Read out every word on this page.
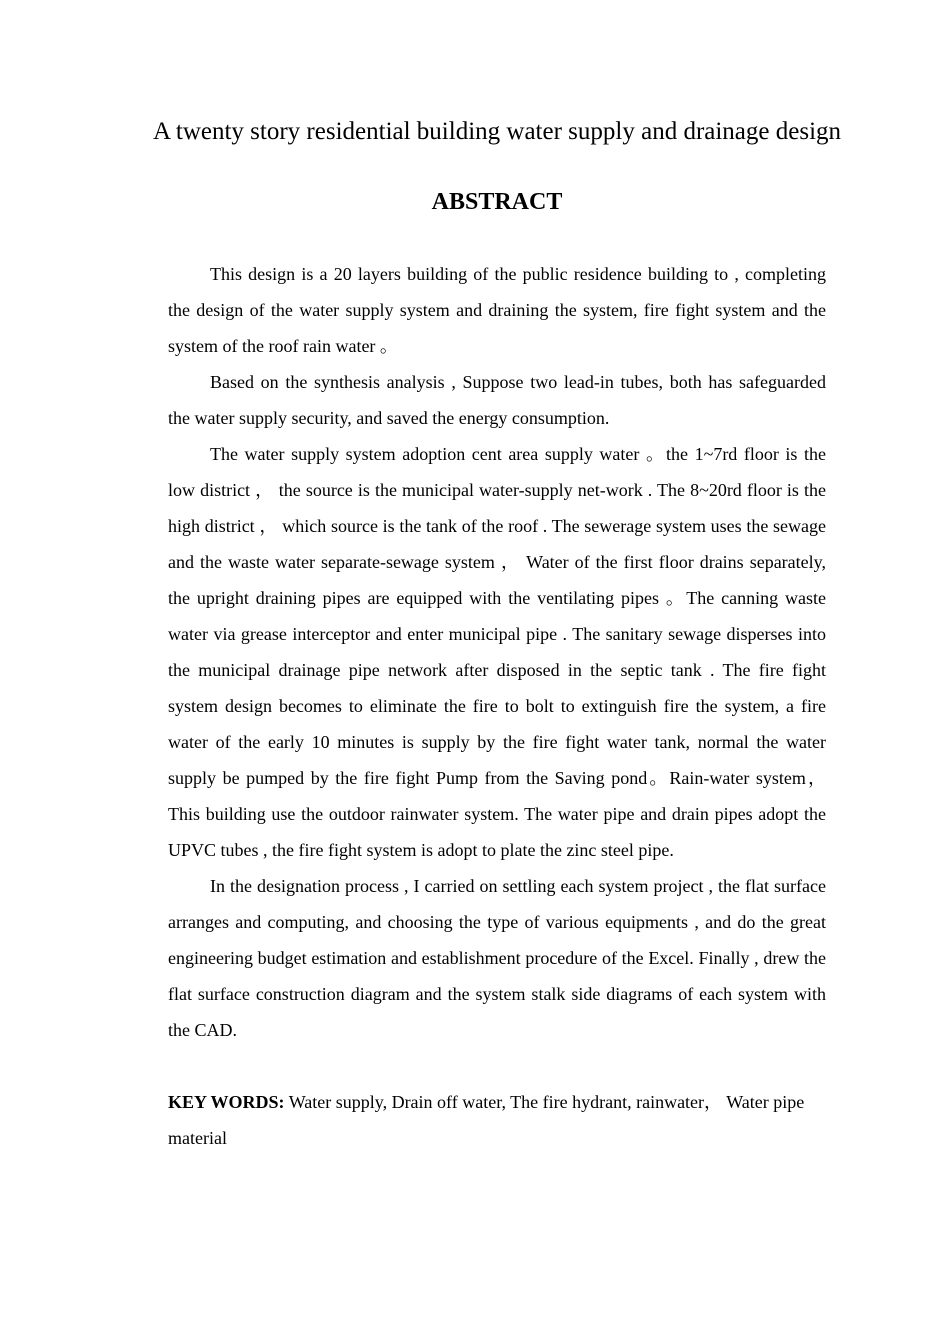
A twenty story residential building water supply and drainage design
ABSTRACT

This design is a 20 layers building of the public residence building to , completing the design of the water supply system and draining the system, fire fight system and the system of the roof rain water 。

Based on the synthesis analysis , Suppose two lead-in tubes, both has safeguarded the water supply security, and saved the energy consumption.

The water supply system adoption cent area supply water 。the 1~7rd floor is the low district ， the source is the municipal water-supply net-work . The 8~20rd floor is the high district ， which source is the tank of the roof . The sewerage system uses the sewage and the waste water separate-sewage system ， Water of the first floor drains separately, the upright draining pipes are equipped with the ventilating pipes 。The canning waste water via grease interceptor and enter municipal pipe . The sanitary sewage disperses into the municipal drainage pipe network after disposed in the septic tank . The fire fight system design becomes to eliminate the fire to bolt to extinguish fire the system, a fire water of the early 10 minutes is supply by the fire fight water tank, normal the water supply be pumped by the fire fight Pump from the Saving pond。Rain-water system， This building use the outdoor rainwater system. The water pipe and drain pipes adopt the UPVC tubes , the fire fight system is adopt to plate the zinc steel pipe.

In the designation process , I carried on settling each system project , the flat surface arranges and computing, and choosing the type of various equipments , and do the great engineering budget estimation and establishment procedure of the Excel. Finally , drew the flat surface construction diagram and the system stalk side diagrams of each system with the CAD.

KEY WORDS: Water supply, Drain off water, The fire hydrant, rainwater， Water pipe material
